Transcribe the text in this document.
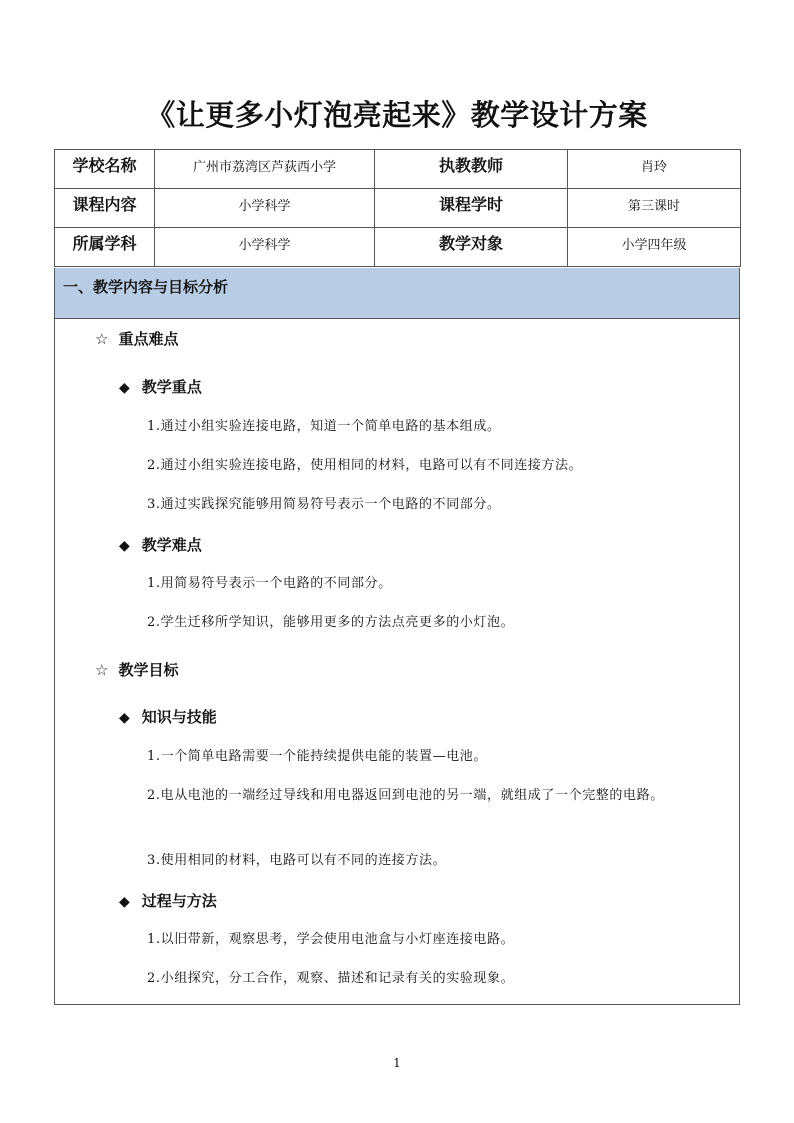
《让更多小灯泡亮起来》教学设计方案
学校名称	广州市荔湾区芦荻西小学	执教教师	肖玲
课程内容	小学科学	课程学时	第三课时
所属学科	小学科学	教学对象	小学四年级
一、教学内容与目标分析
☆ 重点难点
◆ 教学重点
1.通过小组实验连接电路，知道一个简单电路的基本组成。
2.通过小组实验连接电路，使用相同的材料，电路可以有不同连接方法。
3.通过实践探究能够用简易符号表示一个电路的不同部分。
◆ 教学难点
1.用简易符号表示一个电路的不同部分。
2.学生迁移所学知识，能够用更多的方法点亮更多的小灯泡。
☆ 教学目标
◆ 知识与技能
1.一个简单电路需要一个能持续提供电能的装置—电池。
2.电从电池的一端经过导线和用电器返回到电池的另一端，就组成了一个完整的电路。
3.使用相同的材料，电路可以有不同的连接方法。
◆ 过程与方法
1.以旧带新，观察思考，学会使用电池盒与小灯座连接电路。
2.小组探究，分工合作，观察、描述和记录有关的实验现象。
1
